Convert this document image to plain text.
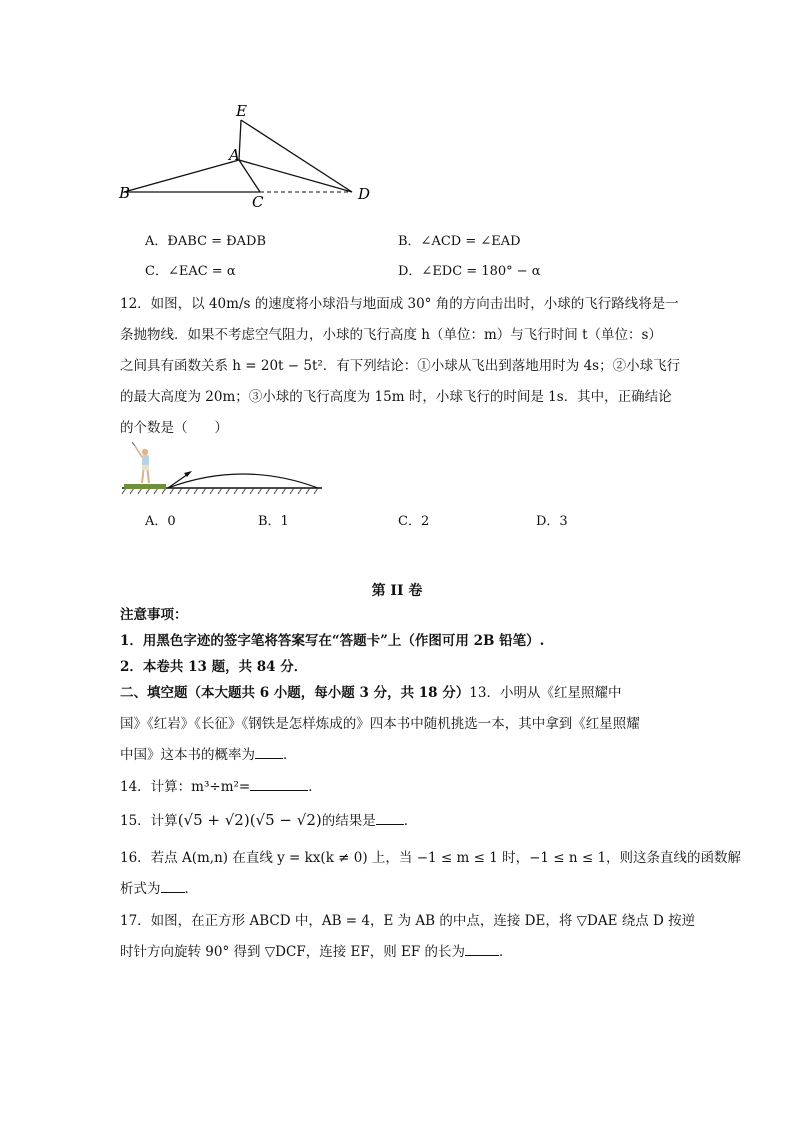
E
A
B	C	D
A．ĐABC = ĐADB	B．∠ACD = ∠EAD
C．∠EAC = α	D．∠EDC = 180° − α
12．如图，以 40m/s 的速度将小球沿与地面成 30° 角的方向击出时，小球的飞行路线将是一
条抛物线．如果不考虑空气阻力，小球的飞行高度 h（单位：m）与飞行时间 t（单位：s）
之间具有函数关系 h = 20t − 5t²．有下列结论：①小球从飞出到落地用时为 4s；②小球飞行
的最大高度为 20m；③小球的飞行高度为 15m 时，小球飞行的时间是 1s．其中，正确结论
的个数是（　　）
A．0	B．1	C．2	D．3
第 II 卷
注意事项：
1．用黑色字迹的签字笔将答案写在“答题卡”上（作图可用 2B 铅笔）.
2．本卷共 13 题，共 84 分．
二、填空题（本大题共 6 小题，每小题 3 分，共 18 分）13．小明从《红星照耀中
国》《红岩》《长征》《钢铁是怎样炼成的》四本书中随机挑选一本，其中拿到《红星照耀
中国》这本书的概率为 ．
14．计算：m³÷m²=	．
15．计算(√5 + √2)(√5 − √2)的结果是 ．
16．若点 A(m,n) 在直线 y = kx(k ≠ 0) 上，当 −1 ≤ m ≤ 1 时，−1 ≤ n ≤ 1，则这条直线的函数解
析式为 ．
17．如图，在正方形 ABCD 中，AB = 4，E 为 AB 的中点，连接 DE，将 ▽DAE 绕点 D 按逆
时针方向旋转 90° 得到 ▽DCF，连接 EF，则 EF 的长为	．
